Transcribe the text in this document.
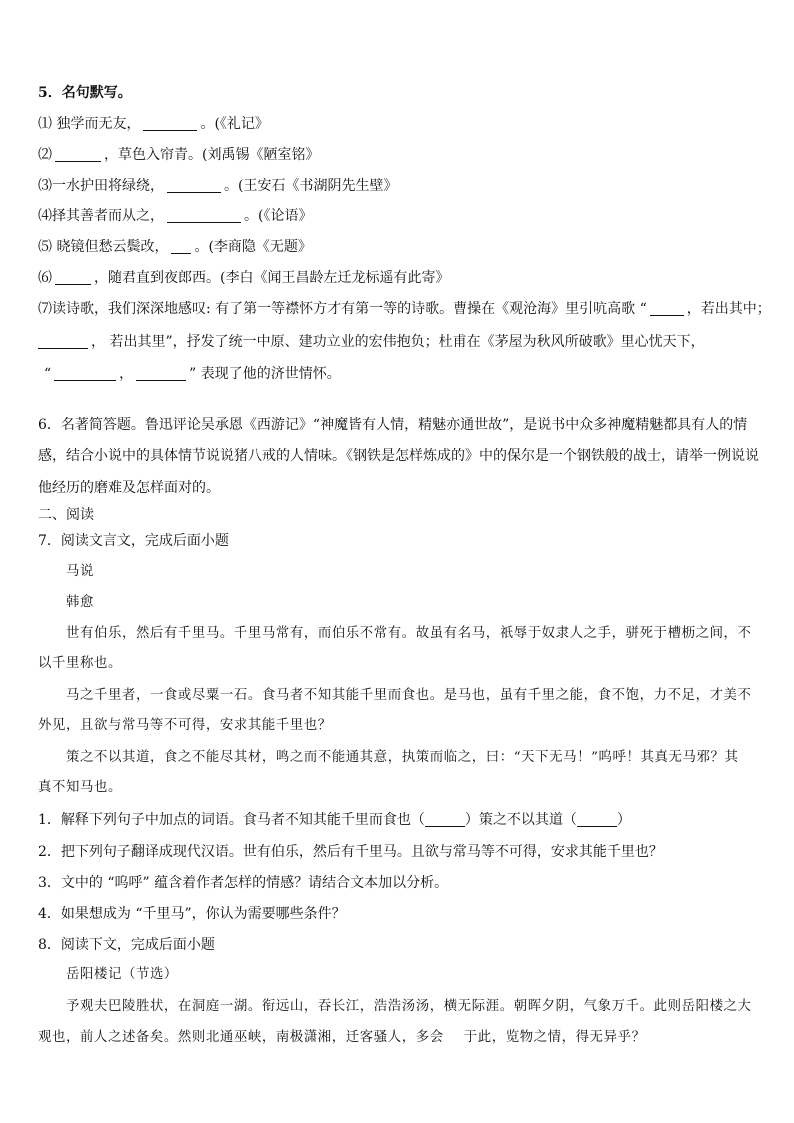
5．名句默写。
⑴ 独学而无友，	。(《礼记》
⑵	，草色入帘青。(刘禹锡《陋室铭》
⑶一水护田将绿绕，	。(王安石《书湖阴先生壁》
⑷择其善者而从之，	。(《论语》
⑸ 晓镜但愁云鬓改， 。(李商隐《无题》
⑹	，随君直到夜郎西。(李白《闻王昌龄左迁龙标遥有此寄》
⑺读诗歌，我们深深地感叹: 有了第一等襟怀方才有第一等的诗歌。曹操在《观沧海》里引吭高歌 “	，若出其中；
， 若出其里”，抒发了统一中原、建功立业的宏伟抱负；杜甫在《茅屋为秋风所破歌》里心忧天下，
“	，	” 表现了他的济世情怀。
6．名著简答题。鲁迅评论吴承恩《西游记》“神魔皆有人情，精魅亦通世故”，是说书中众多神魔精魅都具有人的情
感，结合小说中的具体情节说说猪八戒的人情味。《钢铁是怎样炼成的》中的保尔是一个钢铁般的战士，请举一例说说
他经历的磨难及怎样面对的。
二、阅读
7．阅读文言文，完成后面小题
马说
韩愈
世有伯乐，然后有千里马。千里马常有，而伯乐不常有。故虽有名马，祇辱于奴隶人之手，骈死于槽枥之间，不
以千里称也。
马之千里者，一食或尽粟一石。食马者不知其能千里而食也。是马也，虽有千里之能，食不饱，力不足，才美不
外见，且欲与常马等不可得，安求其能千里也？
策之不以其道，食之不能尽其材，鸣之而不能通其意，执策而临之，曰：“天下无马！”呜呼！其真无马邪？其
真不知马也。
1．解释下列句子中加点的词语。食马者不知其能千里而食也（	）策之不以其道（	）
2．把下列句子翻译成现代汉语。世有伯乐，然后有千里马。且欲与常马等不可得，安求其能千里也？
3．文中的 “呜呼” 蕴含着作者怎样的情感？请结合文本加以分析。
4．如果想成为 “千里马”，你认为需要哪些条件？
8．阅读下文，完成后面小题
岳阳楼记（节选）
予观夫巴陵胜状，在洞庭一湖。衔远山，吞长江，浩浩汤汤，横无际涯。朝晖夕阴，气象万千。此则岳阳楼之大
观也，前人之述备矣。然则北通巫峡，南极潇湘，迁客骚人，多会 于此，览物之情，得无异乎？
